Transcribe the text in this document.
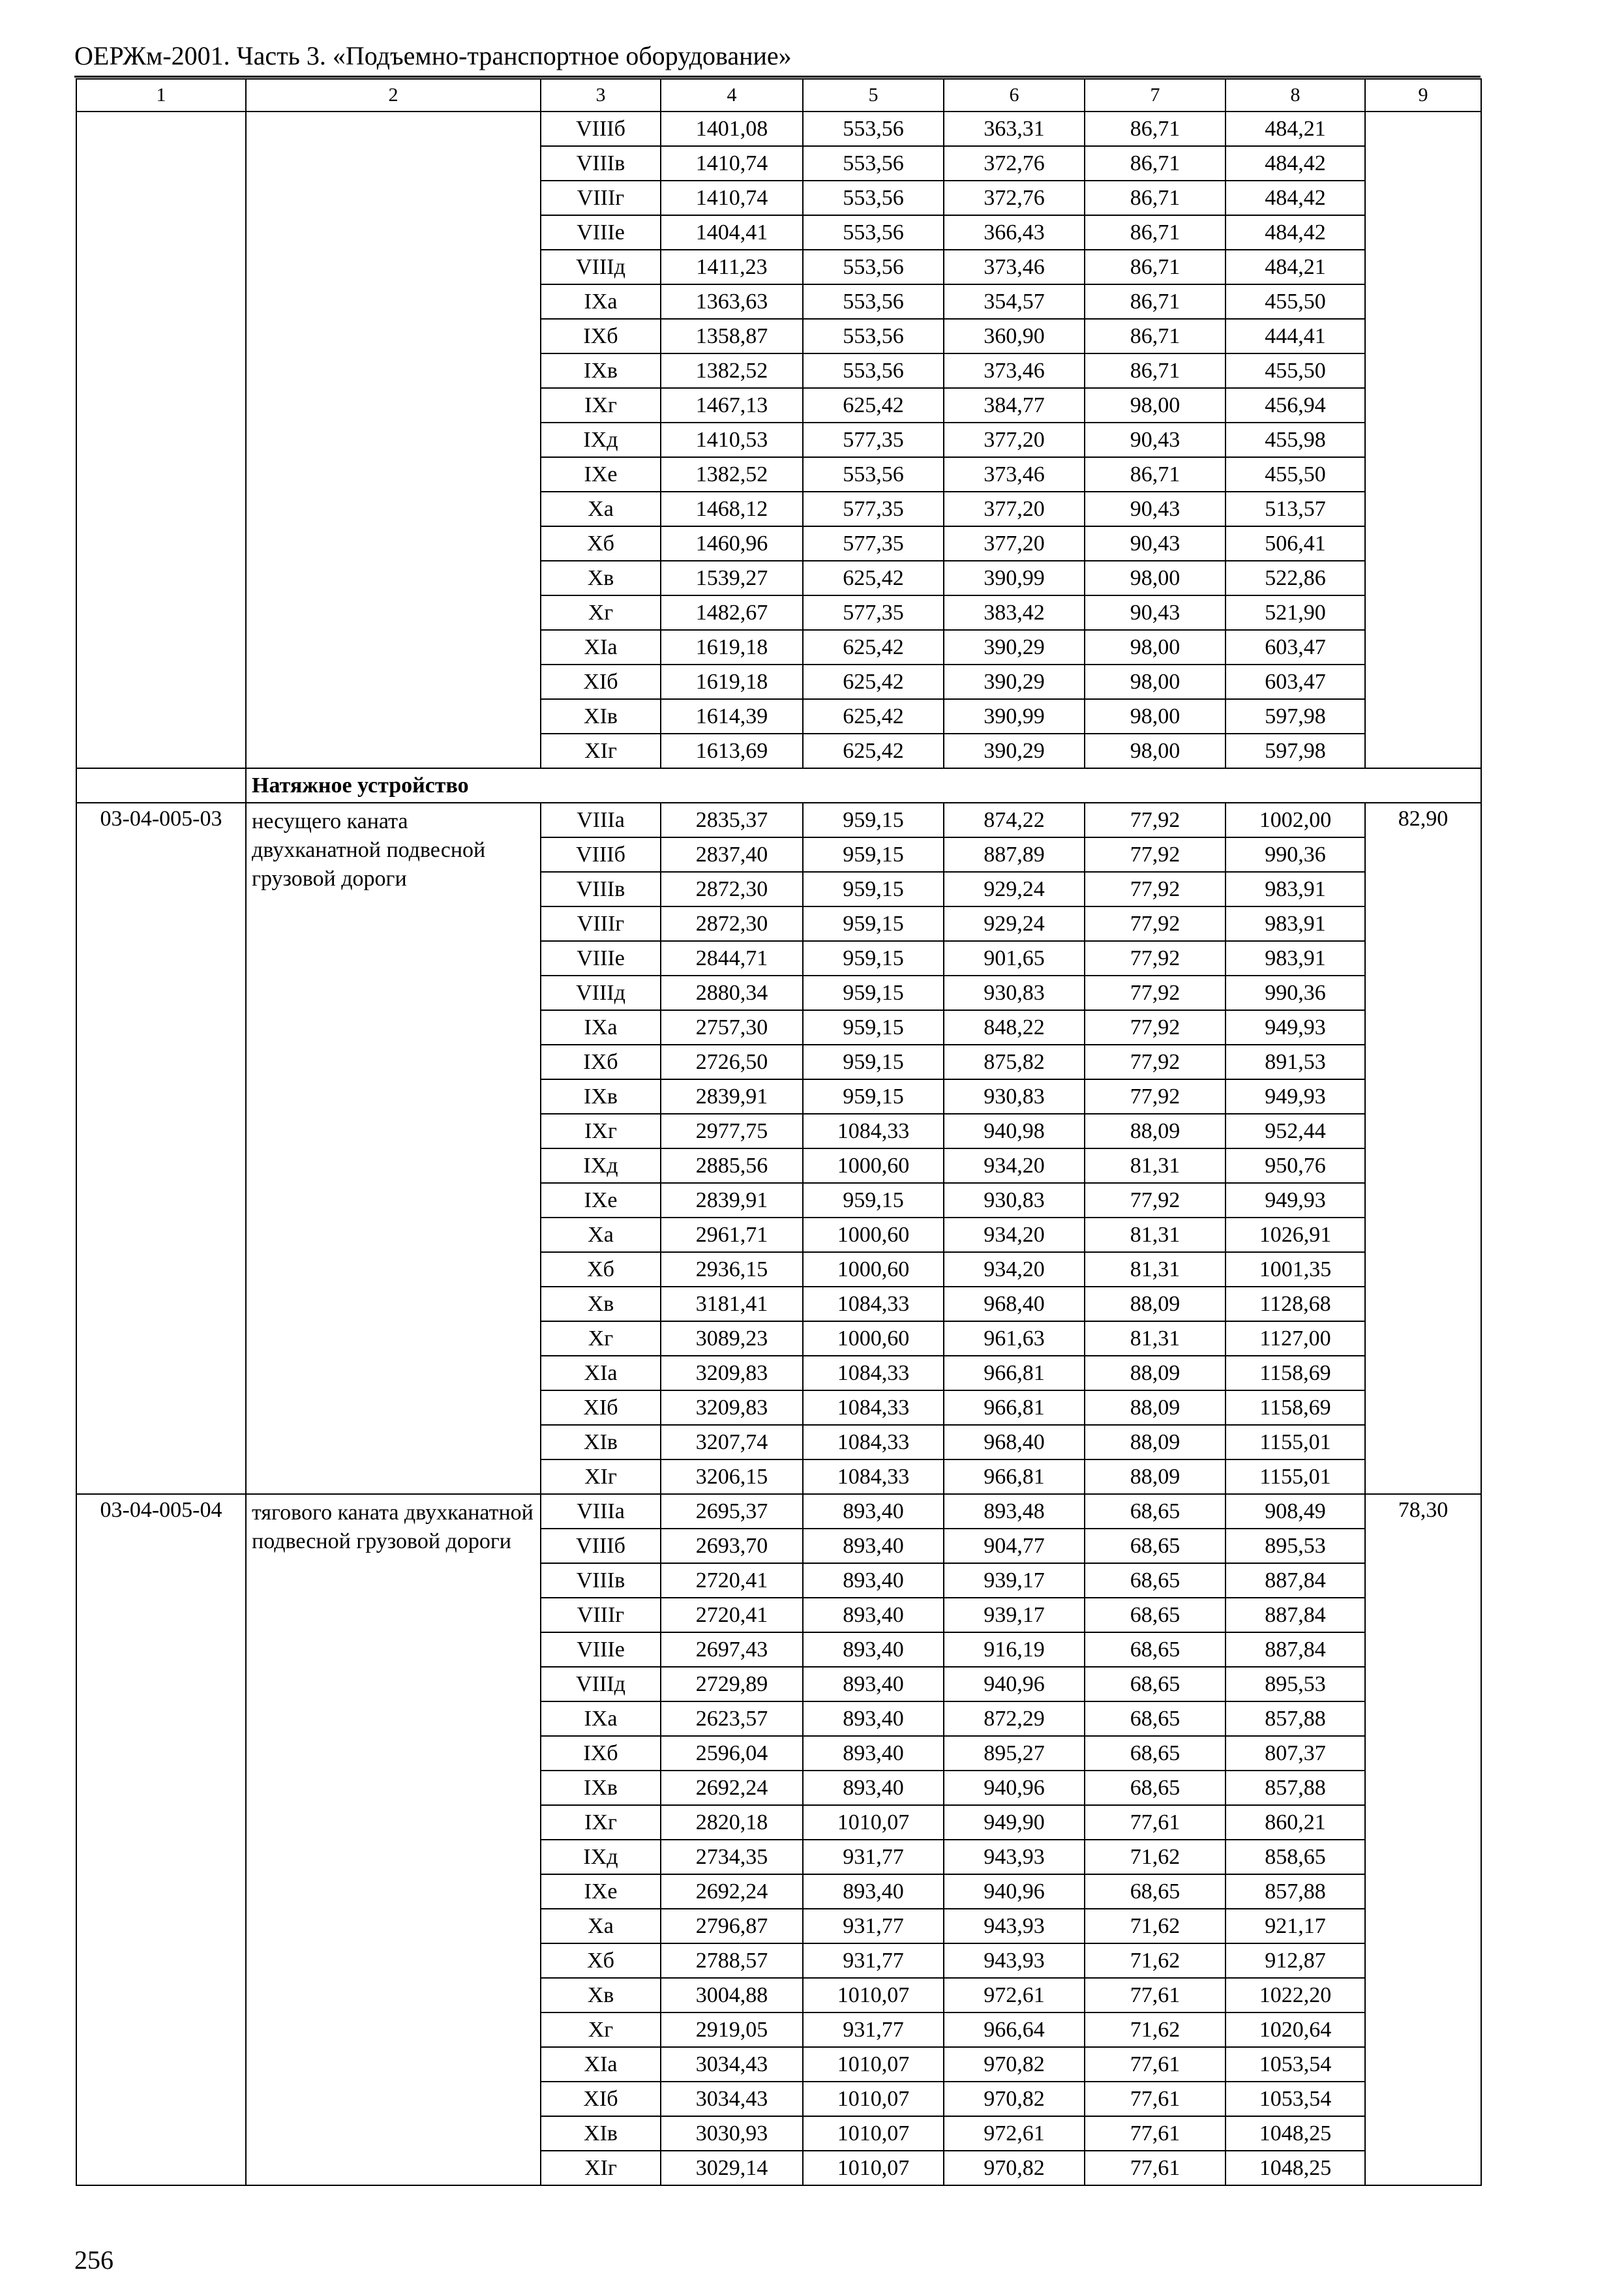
ОЕРЖм-2001. Часть 3. «Подъемно-транспортное оборудование»
1	2	3	4	5	6	7	8	9
		VIIIб	1401,08	553,56	363,31	86,71	484,21	
		VIIIв	1410,74	553,56	372,76	86,71	484,42	
		VIIIг	1410,74	553,56	372,76	86,71	484,42	
		VIIIе	1404,41	553,56	366,43	86,71	484,42	
		VIIIд	1411,23	553,56	373,46	86,71	484,21	
		IXа	1363,63	553,56	354,57	86,71	455,50	
		IXб	1358,87	553,56	360,90	86,71	444,41	
		IXв	1382,52	553,56	373,46	86,71	455,50	
		IXг	1467,13	625,42	384,77	98,00	456,94	
		IXд	1410,53	577,35	377,20	90,43	455,98	
		IXе	1382,52	553,56	373,46	86,71	455,50	
		Xа	1468,12	577,35	377,20	90,43	513,57	
		Xб	1460,96	577,35	377,20	90,43	506,41	
		Xв	1539,27	625,42	390,99	98,00	522,86	
		Xг	1482,67	577,35	383,42	90,43	521,90	
		XIа	1619,18	625,42	390,29	98,00	603,47	
		XIб	1619,18	625,42	390,29	98,00	603,47	
		XIв	1614,39	625,42	390,99	98,00	597,98	
		XIг	1613,69	625,42	390,29	98,00	597,98	
	Натяжное устройство							
03-04-005-03	несущего каната двухканатной подвесной грузовой дороги	VIIIа	2835,37	959,15	874,22	77,92	1002,00	82,90
		VIIIб	2837,40	959,15	887,89	77,92	990,36	
		VIIIв	2872,30	959,15	929,24	77,92	983,91	
		VIIIг	2872,30	959,15	929,24	77,92	983,91	
		VIIIе	2844,71	959,15	901,65	77,92	983,91	
		VIIIд	2880,34	959,15	930,83	77,92	990,36	
		IXа	2757,30	959,15	848,22	77,92	949,93	
		IXб	2726,50	959,15	875,82	77,92	891,53	
		IXв	2839,91	959,15	930,83	77,92	949,93	
		IXг	2977,75	1084,33	940,98	88,09	952,44	
		IXд	2885,56	1000,60	934,20	81,31	950,76	
		IXе	2839,91	959,15	930,83	77,92	949,93	
		Xа	2961,71	1000,60	934,20	81,31	1026,91	
		Xб	2936,15	1000,60	934,20	81,31	1001,35	
		Xв	3181,41	1084,33	968,40	88,09	1128,68	
		Xг	3089,23	1000,60	961,63	81,31	1127,00	
		XIа	3209,83	1084,33	966,81	88,09	1158,69	
		XIб	3209,83	1084,33	966,81	88,09	1158,69	
		XIв	3207,74	1084,33	968,40	88,09	1155,01	
		XIг	3206,15	1084,33	966,81	88,09	1155,01	
03-04-005-04	тягового каната двухканатной подвесной грузовой дороги	VIIIа	2695,37	893,40	893,48	68,65	908,49	78,30
		VIIIб	2693,70	893,40	904,77	68,65	895,53	
		VIIIв	2720,41	893,40	939,17	68,65	887,84	
		VIIIг	2720,41	893,40	939,17	68,65	887,84	
		VIIIе	2697,43	893,40	916,19	68,65	887,84	
		VIIIд	2729,89	893,40	940,96	68,65	895,53	
		IXа	2623,57	893,40	872,29	68,65	857,88	
		IXб	2596,04	893,40	895,27	68,65	807,37	
		IXв	2692,24	893,40	940,96	68,65	857,88	
		IXг	2820,18	1010,07	949,90	77,61	860,21	
		IXд	2734,35	931,77	943,93	71,62	858,65	
		IXе	2692,24	893,40	940,96	68,65	857,88	
		Xа	2796,87	931,77	943,93	71,62	921,17	
		Xб	2788,57	931,77	943,93	71,62	912,87	
		Xв	3004,88	1010,07	972,61	77,61	1022,20	
		Xг	2919,05	931,77	966,64	71,62	1020,64	
		XIа	3034,43	1010,07	970,82	77,61	1053,54	
		XIб	3034,43	1010,07	970,82	77,61	1053,54	
		XIв	3030,93	1010,07	972,61	77,61	1048,25	
		XIг	3029,14	1010,07	970,82	77,61	1048,25	
256
